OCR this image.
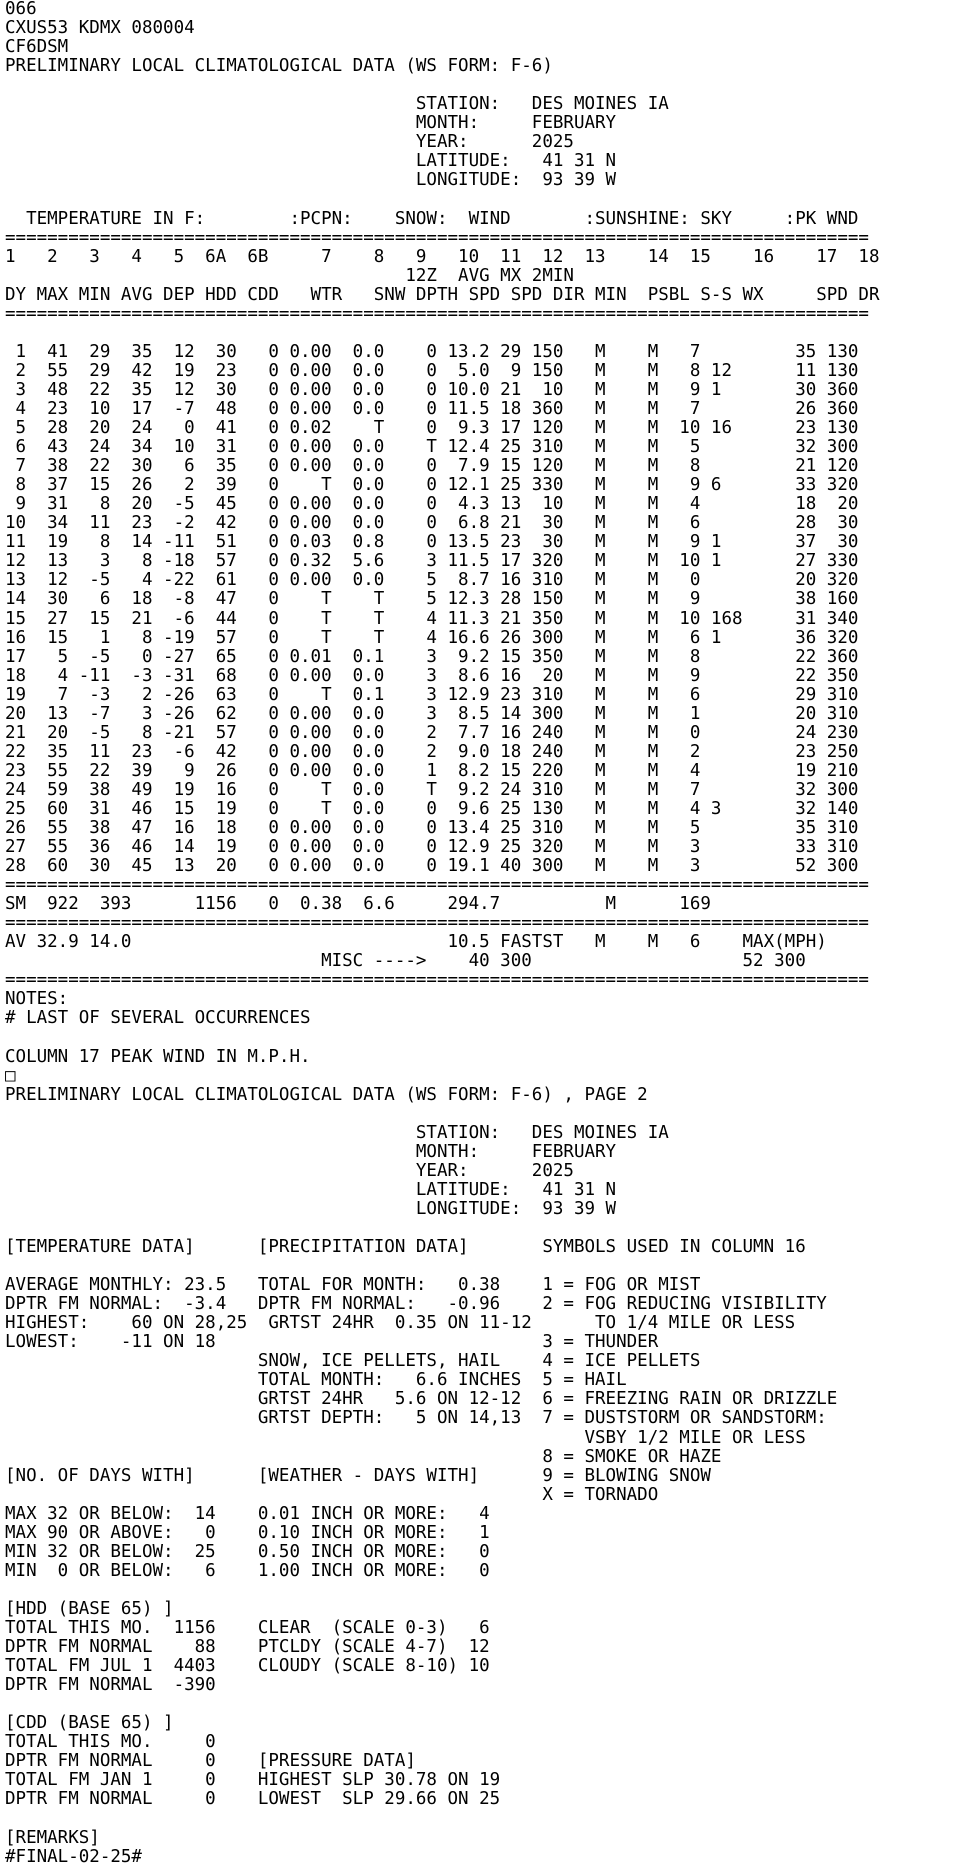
066
CXUS53 KDMX 080004
CF6DSM
PRELIMINARY LOCAL CLIMATOLOGICAL DATA (WS FORM: F-6)
STATION:   DES MOINES IA
MONTH:     FEBRUARY
YEAR:      2025
LATITUDE:   41 31 N
LONGITUDE:  93 39 W
TEMPERATURE IN F:        :PCPN:    SNOW:  WIND       :SUNSHINE: SKY     :PK WND
==================================================================================
1   2   3   4   5  6A  6B     7    8   9   10  11  12  13    14  15    16    17  18
12Z  AVG MX 2MIN
DY MAX MIN AVG DEP HDD CDD   WTR   SNW DPTH SPD SPD DIR MIN  PSBL S-S WX     SPD DR
==================================================================================
1  41  29  35  12  30   0 0.00  0.0    0 13.2 29 150   M    M   7         35 130
2  55  29  42  19  23   0 0.00  0.0    0  5.0  9 150   M    M   8 12      11 130
3  48  22  35  12  30   0 0.00  0.0    0 10.0 21  10   M    M   9 1       30 360
4  23  10  17  -7  48   0 0.00  0.0    0 11.5 18 360   M    M   7         26 360
5  28  20  24   0  41   0 0.02    T    0  9.3 17 120   M    M  10 16      23 130
6  43  24  34  10  31   0 0.00  0.0    T 12.4 25 310   M    M   5         32 300
7  38  22  30   6  35   0 0.00  0.0    0  7.9 15 120   M    M   8         21 120
8  37  15  26   2  39   0    T  0.0    0 12.1 25 330   M    M   9 6       33 320
9  31   8  20  -5  45   0 0.00  0.0    0  4.3 13  10   M    M   4         18  20
10  34  11  23  -2  42   0 0.00  0.0    0  6.8 21  30   M    M   6         28  30
11  19   8  14 -11  51   0 0.03  0.8    0 13.5 23  30   M    M   9 1       37  30
12  13   3   8 -18  57   0 0.32  5.6    3 11.5 17 320   M    M  10 1       27 330
13  12  -5   4 -22  61   0 0.00  0.0    5  8.7 16 310   M    M   0         20 320
14  30   6  18  -8  47   0    T    T    5 12.3 28 150   M    M   9         38 160
15  27  15  21  -6  44   0    T    T    4 11.3 21 350   M    M  10 168     31 340
16  15   1   8 -19  57   0    T    T    4 16.6 26 300   M    M   6 1       36 320
17   5  -5   0 -27  65   0 0.01  0.1    3  9.2 15 350   M    M   8         22 360
18   4 -11  -3 -31  68   0 0.00  0.0    3  8.6 16  20   M    M   9         22 350
19   7  -3   2 -26  63   0    T  0.1    3 12.9 23 310   M    M   6         29 310
20  13  -7   3 -26  62   0 0.00  0.0    3  8.5 14 300   M    M   1         20 310
21  20  -5   8 -21  57   0 0.00  0.0    2  7.7 16 240   M    M   0         24 230
22  35  11  23  -6  42   0 0.00  0.0    2  9.0 18 240   M    M   2         23 250
23  55  22  39   9  26   0 0.00  0.0    1  8.2 15 220   M    M   4         19 210
24  59  38  49  19  16   0    T  0.0    T  9.2 24 310   M    M   7         32 300
25  60  31  46  15  19   0    T  0.0    0  9.6 25 130   M    M   4 3       32 140
26  55  38  47  16  18   0 0.00  0.0    0 13.4 25 310   M    M   5         35 310
27  55  36  46  14  19   0 0.00  0.0    0 12.9 25 320   M    M   3         33 310
28  60  30  45  13  20   0 0.00  0.0    0 19.1 40 300   M    M   3         52 300
==================================================================================
SM  922  393      1156   0  0.38  6.6     294.7          M      169
==================================================================================
AV 32.9 14.0                              10.5 FASTST   M    M   6    MAX(MPH)
MISC ---->    40 300                    52 300
==================================================================================
NOTES:
# LAST OF SEVERAL OCCURRENCES
COLUMN 17 PEAK WIND IN M.P.H.
□
PRELIMINARY LOCAL CLIMATOLOGICAL DATA (WS FORM: F-6) , PAGE 2
STATION:   DES MOINES IA
MONTH:     FEBRUARY
YEAR:      2025
LATITUDE:   41 31 N
LONGITUDE:  93 39 W
[TEMPERATURE DATA]      [PRECIPITATION DATA]       SYMBOLS USED IN COLUMN 16
AVERAGE MONTHLY: 23.5   TOTAL FOR MONTH:   0.38    1 = FOG OR MIST
DPTR FM NORMAL:  -3.4   DPTR FM NORMAL:   -0.96    2 = FOG REDUCING VISIBILITY
HIGHEST:    60 ON 28,25  GRTST 24HR  0.35 ON 11-12      TO 1/4 MILE OR LESS
LOWEST:    -11 ON 18                               3 = THUNDER
SNOW, ICE PELLETS, HAIL    4 = ICE PELLETS
TOTAL MONTH:   6.6 INCHES  5 = HAIL
GRTST 24HR   5.6 ON 12-12  6 = FREEZING RAIN OR DRIZZLE
GRTST DEPTH:   5 ON 14,13  7 = DUSTSTORM OR SANDSTORM:
VSBY 1/2 MILE OR LESS
8 = SMOKE OR HAZE
[NO. OF DAYS WITH]      [WEATHER - DAYS WITH]      9 = BLOWING SNOW
X = TORNADO
MAX 32 OR BELOW:  14    0.01 INCH OR MORE:   4
MAX 90 OR ABOVE:   0    0.10 INCH OR MORE:   1
MIN 32 OR BELOW:  25    0.50 INCH OR MORE:   0
MIN  0 OR BELOW:   6    1.00 INCH OR MORE:   0
[HDD (BASE 65) ]
TOTAL THIS MO.  1156    CLEAR  (SCALE 0-3)   6
DPTR FM NORMAL    88    PTCLDY (SCALE 4-7)  12
TOTAL FM JUL 1  4403    CLOUDY (SCALE 8-10) 10
DPTR FM NORMAL  -390
[CDD (BASE 65) ]
TOTAL THIS MO.     0
DPTR FM NORMAL     0    [PRESSURE DATA]
TOTAL FM JAN 1     0    HIGHEST SLP 30.78 ON 19
DPTR FM NORMAL     0    LOWEST  SLP 29.66 ON 25
[REMARKS]
#FINAL-02-25#
